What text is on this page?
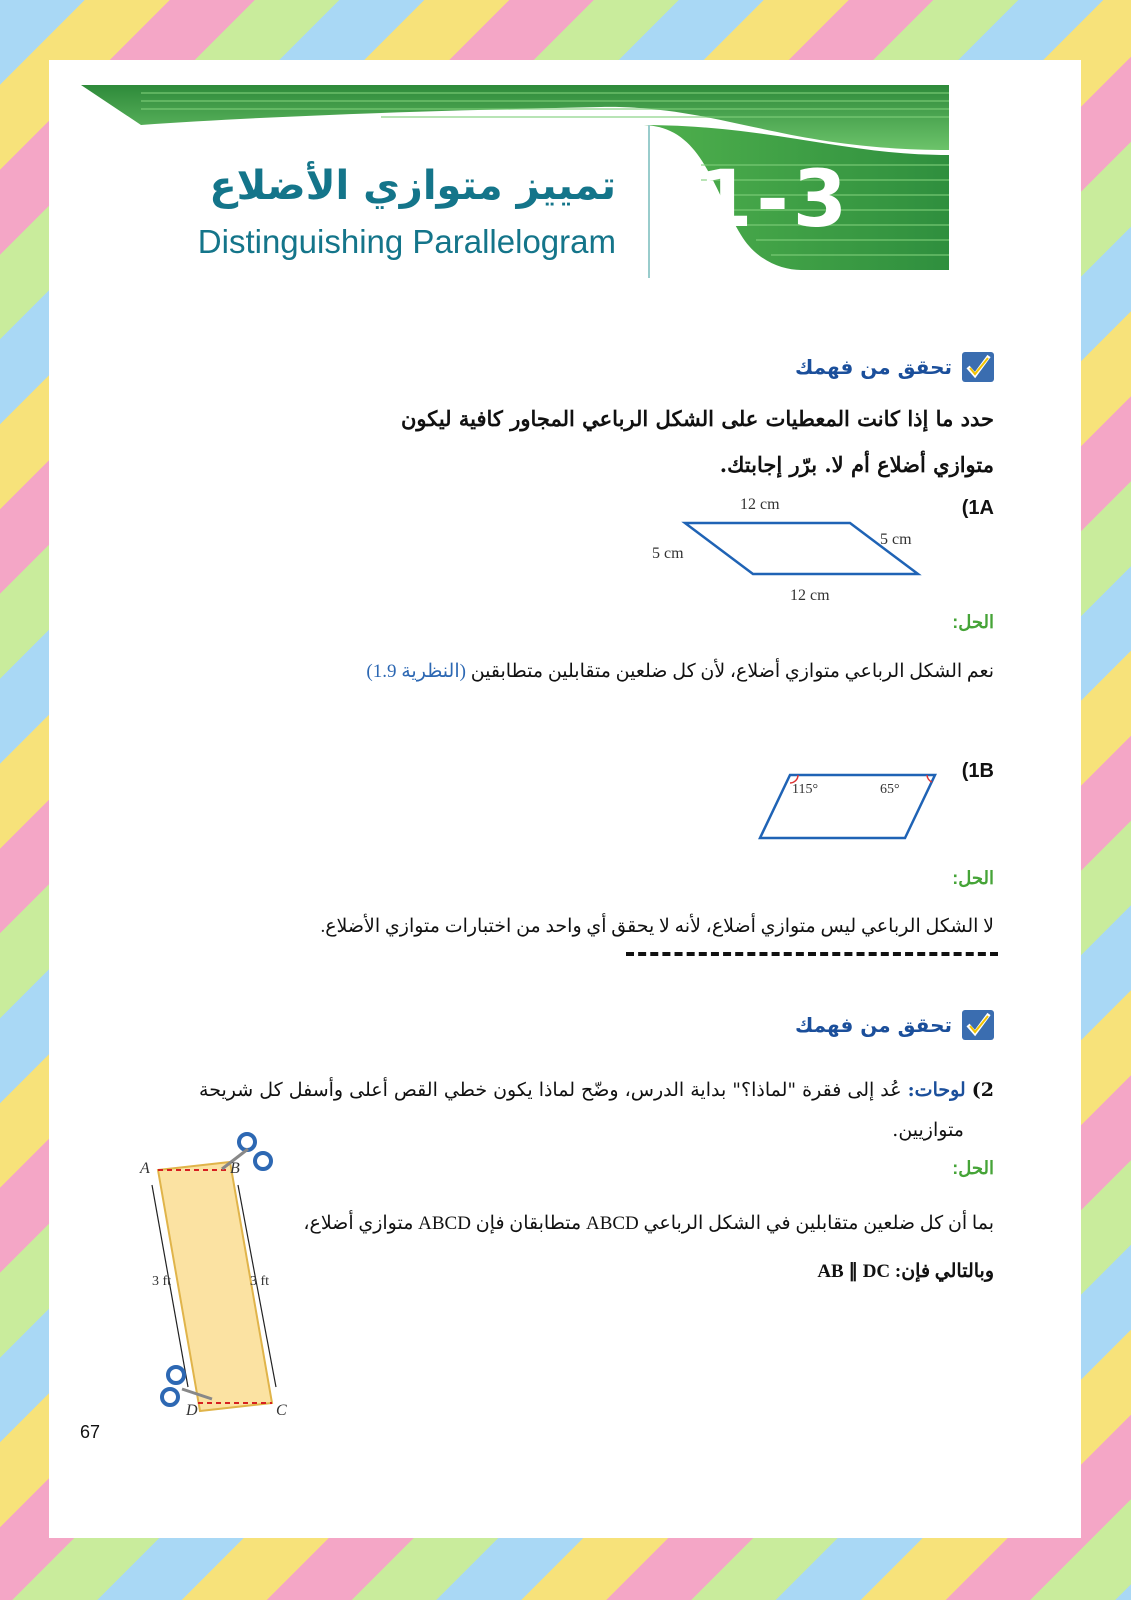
تمييز متوازي الأضلاع
Distinguishing Parallelogram 1-3
تحقق من فهمك
حدد ما إذا كانت المعطيات على الشكل الرباعي المجاور كافية ليكون
متوازي أضلاع أم لا. برّر إجابتك.
(1A
12 cm
12 cm
5 cm
5 cm
الحل:
نعم الشكل الرباعي متوازي أضلاع، لأن كل ضلعين متقابلين متطابقين (النظرية 1.9)
(1B
115°	65°
الحل:
لا الشكل الرباعي ليس متوازي أضلاع، لأنه لا يحقق أي واحد من اختبارات متوازي الأضلاع.
تحقق من فهمك
2) لوحات: عُد إلى فقرة "لماذا؟" بداية الدرس، وضّح لماذا يكون خطي القص أعلى وأسفل كل شريحة
متوازيين.
الحل:
بما أن كل ضلعين متقابلين في الشكل الرباعي ABCD متطابقان فإن ABCD متوازي أضلاع،
وبالتالي فإن: AB ∥ DC
A	B
C
D
3 ft	3 ft
67
